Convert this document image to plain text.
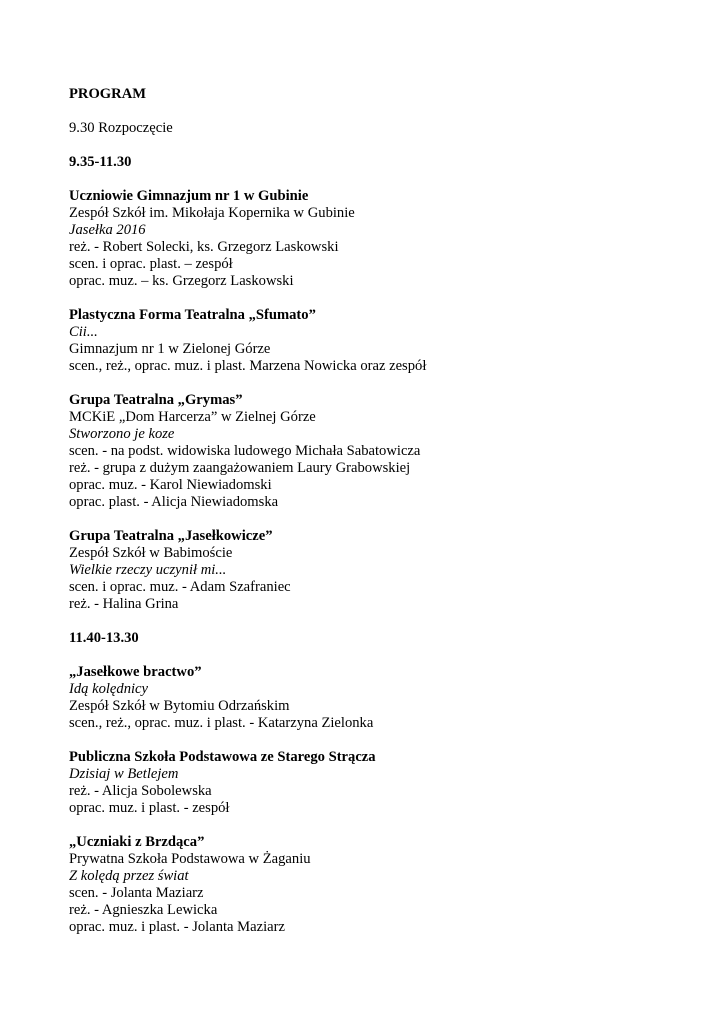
PROGRAM
9.30 Rozpoczęcie
9.35-11.30
Uczniowie Gimnazjum nr 1 w Gubinie
Zespół Szkół im. Mikołaja Kopernika w Gubinie
Jasełka 2016
reż. - Robert Solecki, ks. Grzegorz Laskowski
scen. i oprac. plast. – zespół
oprac. muz. – ks. Grzegorz Laskowski
Plastyczna Forma Teatralna „Sfumato”
Cii...
Gimnazjum nr 1 w Zielonej Górze
scen., reż., oprac. muz. i plast. Marzena Nowicka oraz zespół
Grupa Teatralna „Grymas”
MCKiE „Dom Harcerza” w Zielnej Górze
Stworzono je koze
scen. - na podst. widowiska ludowego Michała Sabatowicza
reż. - grupa z dużym zaangażowaniem Laury Grabowskiej
oprac. muz. - Karol Niewiadomski
oprac. plast. - Alicja Niewiadomska
Grupa Teatralna „Jasełkowicze”
Zespół Szkół w Babimoście
Wielkie rzeczy uczynił mi...
scen. i oprac. muz. - Adam Szafraniec
reż. - Halina Grina
11.40-13.30
„Jasełkowe bractwo”
Idą kolędnicy
Zespół Szkół w Bytomiu Odrzańskim
scen., reż., oprac. muz. i plast. - Katarzyna Zielonka
Publiczna Szkoła Podstawowa ze Starego Strącza
Dzisiaj w Betlejem
reż. - Alicja Sobolewska
oprac. muz. i plast. - zespół
„Uczniaki z Brzdąca”
Prywatna Szkoła Podstawowa w Żaganiu
Z kolędą przez świat
scen. - Jolanta Maziarz
reż. - Agnieszka Lewicka
oprac. muz. i plast. - Jolanta Maziarz
